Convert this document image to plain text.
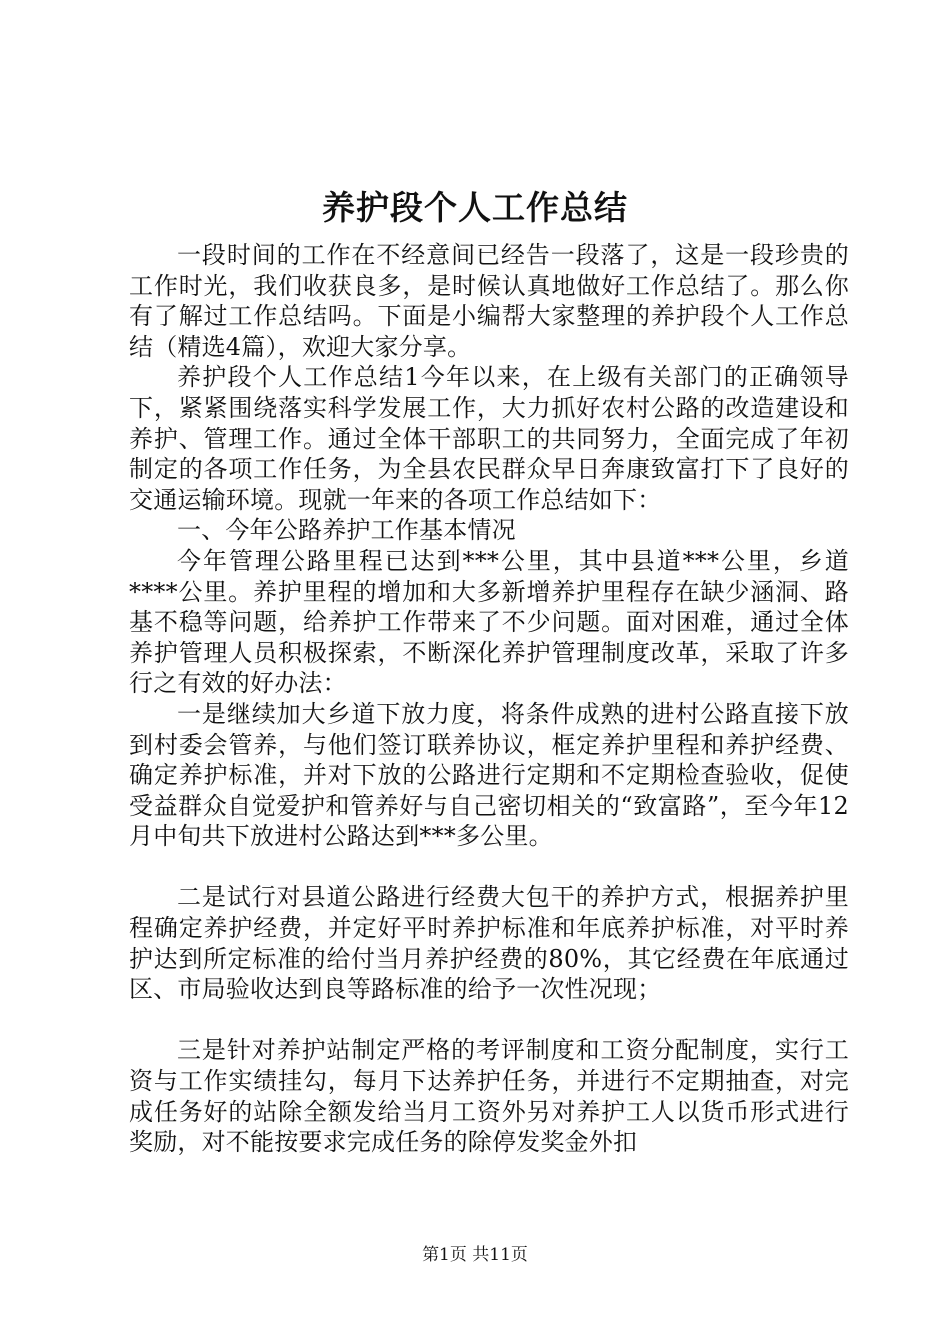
养护段个人工作总结

一段时间的工作在不经意间已经告一段落了，这是一段珍贵的工作时光，我们收获良多，是时候认真地做好工作总结了。那么你有了解过工作总结吗。下面是小编帮大家整理的养护段个人工作总结（精选4篇），欢迎大家分享。

养护段个人工作总结1今年以来，在上级有关部门的正确领导下，紧紧围绕落实科学发展工作，大力抓好农村公路的改造建设和养护、管理工作。通过全体干部职工的共同努力，全面完成了年初制定的各项工作任务，为全县农民群众早日奔康致富打下了良好的交通运输环境。现就一年来的各项工作总结如下：

一、今年公路养护工作基本情况

今年管理公路里程已达到***公里，其中县道***公里，乡道****公里。养护里程的增加和大多新增养护里程存在缺少涵洞、路基不稳等问题，给养护工作带来了不少问题。面对困难，通过全体养护管理人员积极探索，不断深化养护管理制度改革，采取了许多行之有效的好办法：

一是继续加大乡道下放力度，将条件成熟的进村公路直接下放到村委会管养，与他们签订联养协议，框定养护里程和养护经费、确定养护标准，并对下放的公路进行定期和不定期检查验收，促使受益群众自觉爱护和管养好与自己密切相关的“致富路”，至今年12月中旬共下放进村公路达到***多公里。

二是试行对县道公路进行经费大包干的养护方式，根据养护里程确定养护经费，并定好平时养护标准和年底养护标准，对平时养护达到所定标准的给付当月养护经费的80%，其它经费在年底通过区、市局验收达到良等路标准的给予一次性况现；

三是针对养护站制定严格的考评制度和工资分配制度，实行工资与工作实绩挂勾，每月下达养护任务，并进行不定期抽查，对完成任务好的站除全额发给当月工资外另对养护工人以货币形式进行奖励，对不能按要求完成任务的除停发奖金外扣

第1页 共11页
